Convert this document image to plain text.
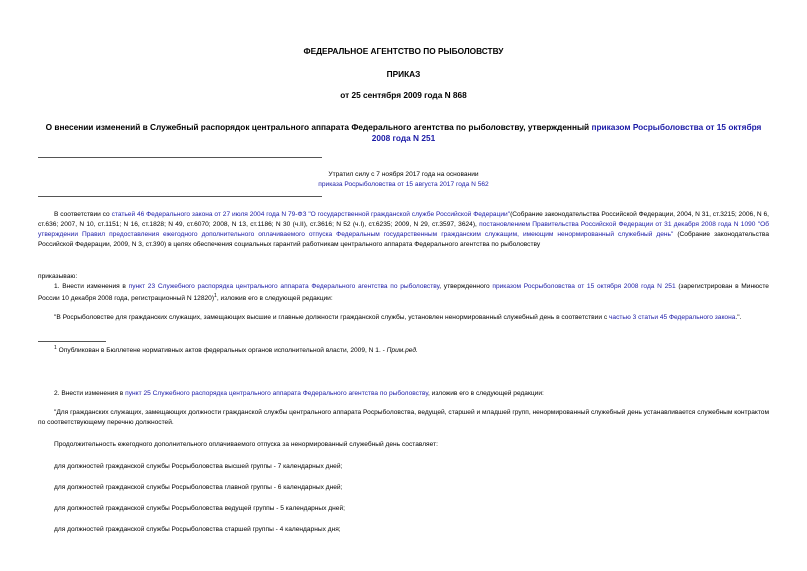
ФЕДЕРАЛЬНОЕ АГЕНТСТВО ПО РЫБОЛОВСТВУ
ПРИКАЗ
от 25 сентября 2009 года N 868
О внесении изменений в Служебный распорядок центрального аппарата Федерального агентства по рыболовству, утвержденный приказом Росрыболовства от 15 октября 2008 года N 251
Утратил силу с 7 ноября 2017 года на основании
приказа Росрыболовства от 15 августа 2017 года N 562
В соответствии со статьей 46 Федерального закона от 27 июля 2004 года N 79-ФЗ "О государственной гражданской службе Российской Федерации"(Собрание законодательства Российской Федерации, 2004, N 31, ст.3215; 2006, N 6, ст.636; 2007, N 10, ст.1151; N 16, ст.1828; N 49, ст.6070; 2008, N 13, ст.1186; N 30 (ч.II), ст.3616; N 52 (ч.I), ст.6235; 2009, N 29, ст.3597, 3624), постановлением Правительства Российской Федерации от 31 декабря 2008 года N 1090 "Об утверждении Правил предоставления ежегодного дополнительного оплачиваемого отпуска Федеральным государственным гражданским служащим, имеющим ненормированный служебный день" (Собрание законодательства Российской Федерации, 2009, N 3, ст.390) в целях обеспечения социальных гарантий работникам центрального аппарата Федерального агентства по рыболовству
приказываю:
1. Внести изменения в пункт 23 Служебного распорядка центрального аппарата Федерального агентства по рыболовству, утвержденного приказом Росрыболовства от 15 октября 2008 года N 251 (зарегистрирован в Минюсте России 10 декабря 2008 года, регистрационный N 12820)$^1$, изложив его в следующей редакции:
"В Росрыболовстве для гражданских служащих, замещающих высшие и главные должности гражданской службы, установлен ненормированный служебный день в соответствии с частью 3 статьи 45 Федерального закона.".
$^1$ Опубликован в Бюллетене нормативных актов федеральных органов исполнительной власти, 2009, N 1. - Прим.ред.
2. Внести изменения в пункт 25 Служебного распорядка центрального аппарата Федерального агентства по рыболовству, изложив его в следующей редакции:
"Для гражданских служащих, замещающих должности гражданской службы центрального аппарата Росрыболовства, ведущей, старшей и младшей групп, ненормированный служебный день устанавливается служебным контрактом по соответствующему перечню должностей.
Продолжительность ежегодного дополнительного оплачиваемого отпуска за ненормированный служебный день составляет:
для должностей гражданской службы Росрыболовства высшей группы - 7 календарных дней;
для должностей гражданской службы Росрыболовства главной группы - 6 календарных дней;
для должностей гражданской службы Росрыболовства ведущей группы - 5 календарных дней;
для должностей гражданской службы Росрыболовства старшей группы - 4 календарных дня;
